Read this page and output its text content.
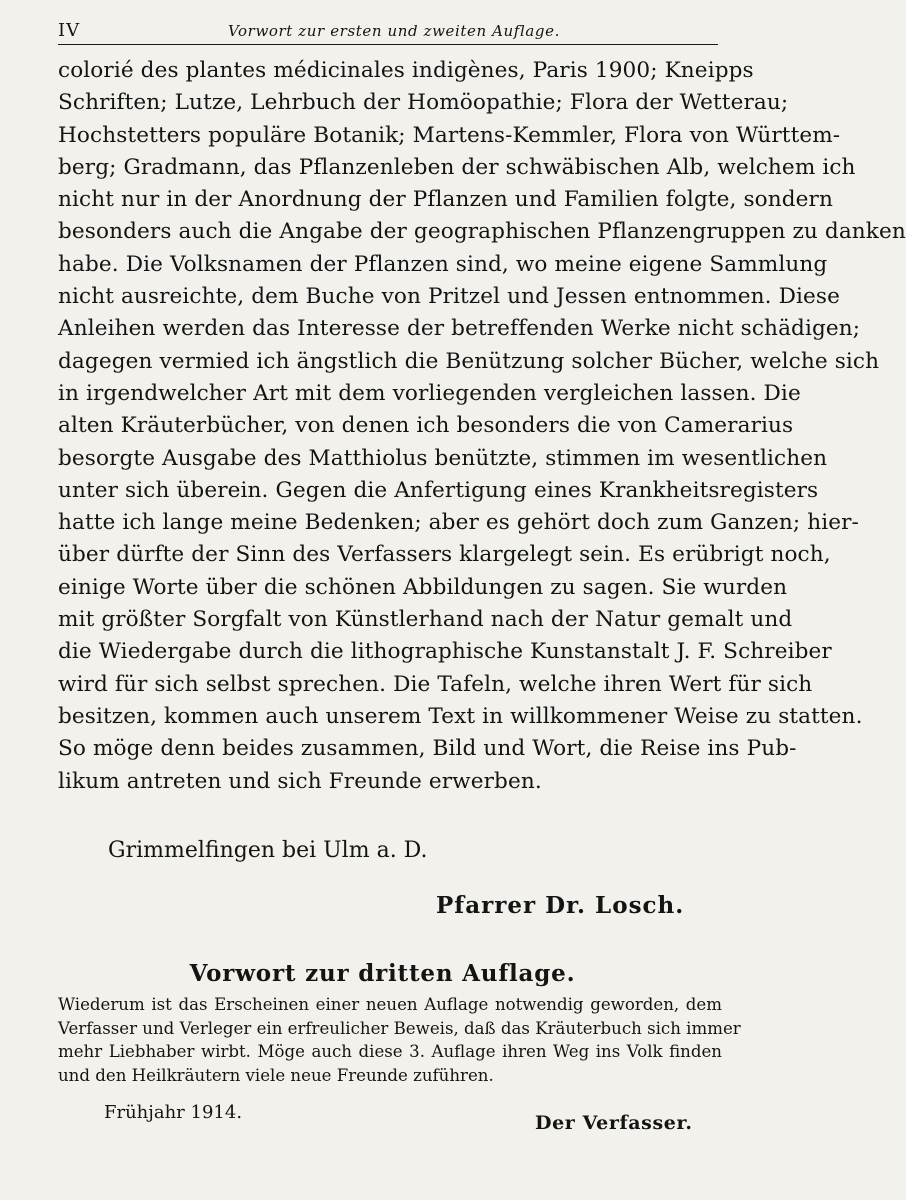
IV	Vorwort zur ersten und zweiten Auflage.
colorié des plantes médicinales indigènes, Paris 1900; Kneipps
Schriften; Lutze, Lehrbuch der Homöopathie; Flora der Wetterau;
Hochstetters populäre Botanik; Martens-Kemmler, Flora von Württem-
berg; Gradmann, das Pflanzenleben der schwäbischen Alb, welchem ich
nicht nur in der Anordnung der Pflanzen und Familien folgte, sondern
besonders auch die Angabe der geographischen Pflanzengruppen zu danken
habe. Die Volksnamen der Pflanzen sind, wo meine eigene Sammlung
nicht ausreichte, dem Buche von Pritzel und Jessen entnommen. Diese
Anleihen werden das Interesse der betreffenden Werke nicht schädigen;
dagegen vermied ich ängstlich die Benützung solcher Bücher, welche sich
in irgendwelcher Art mit dem vorliegenden vergleichen lassen. Die
alten Kräuterbücher, von denen ich besonders die von Camerarius
besorgte Ausgabe des Matthiolus benützte, stimmen im wesentlichen
unter sich überein. Gegen die Anfertigung eines Krankheitsregisters
hatte ich lange meine Bedenken; aber es gehört doch zum Ganzen; hier-
über dürfte der Sinn des Verfassers klargelegt sein. Es erübrigt noch,
einige Worte über die schönen Abbildungen zu sagen. Sie wurden
mit größter Sorgfalt von Künstlerhand nach der Natur gemalt und
die Wiedergabe durch die lithographische Kunstanstalt J. F. Schreiber
wird für sich selbst sprechen. Die Tafeln, welche ihren Wert für sich
besitzen, kommen auch unserem Text in willkommener Weise zu statten.
So möge denn beides zusammen, Bild und Wort, die Reise ins Pub-
likum antreten und sich Freunde erwerben.
Grimmelfingen bei Ulm a. D.
Pfarrer Dr. Losch.
Vorwort zur dritten Auflage.
Wiederum ist das Erscheinen einer neuen Auflage notwendig geworden, dem
Verfasser und Verleger ein erfreulicher Beweis, daß das Kräuterbuch sich immer
mehr Liebhaber wirbt. Möge auch diese 3. Auflage ihren Weg ins Volk finden
und den Heilkräutern viele neue Freunde zuführen.
Frühjahr 1914.	Der Verfasser.
